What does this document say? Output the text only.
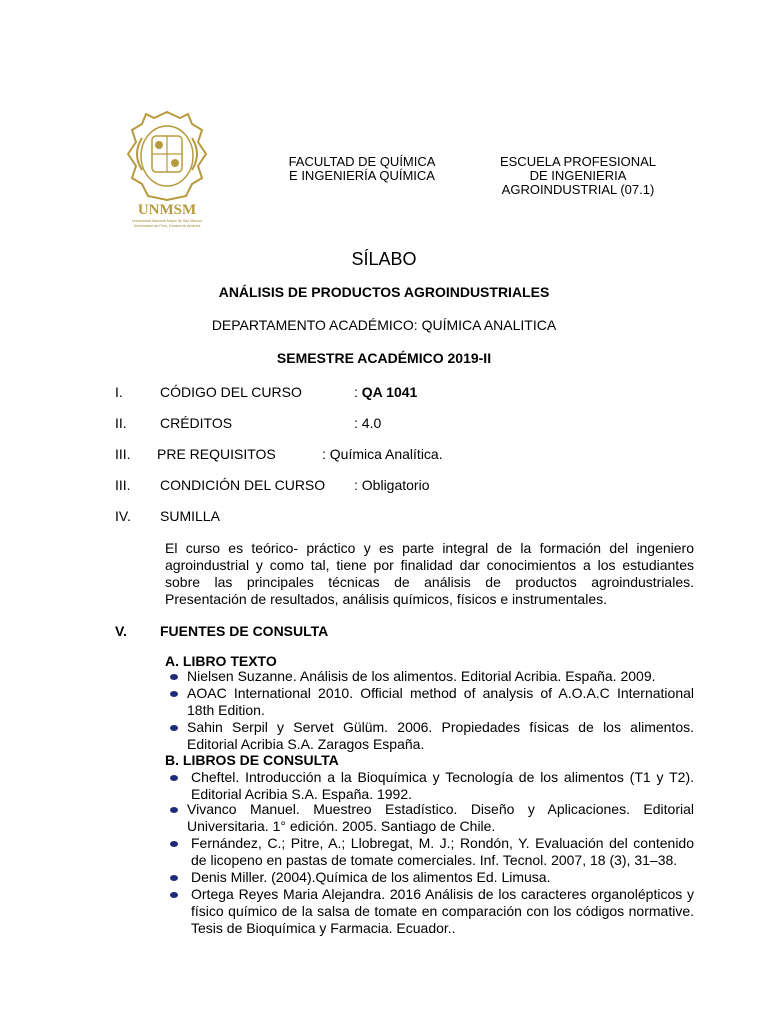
UNMSM
Universidad Nacional Mayor de San Marcos
Universidad del Perú, Decana de América
FACULTAD DE QUÍMICA
E INGENIERÍA QUÍMICA
ESCUELA PROFESIONAL
DE INGENIERIA
AGROINDUSTRIAL (07.1)
SÍLABO
ANÁLISIS DE PRODUCTOS AGROINDUSTRIALES
DEPARTAMENTO ACADÉMICO: QUÍMICA ANALITICA
SEMESTRE ACADÉMICO 2019-II
I.	CÓDIGO DEL CURSO	: QA 1041
II. CRÉDITOS	: 4.0
III. PRE REQUISITOS	: Química Analítica.
III. CONDICIÓN DEL CURSO : Obligatorio
IV. SUMILLA
El curso es teórico- práctico y es parte integral de la formación del ingeniero agroindustrial y como tal, tiene por finalidad dar conocimientos a los estudiantes sobre las principales técnicas de análisis de productos agroindustriales. Presentación de resultados, análisis químicos, físicos e instrumentales.
V. FUENTES DE CONSULTA
A. LIBRO TEXTO
Nielsen Suzanne. Análisis de los alimentos. Editorial Acribia. España. 2009.
AOAC International 2010. Official method of analysis of A.O.A.C International 18th Edition.
Sahin Serpil y Servet Gülüm. 2006. Propiedades físicas de los alimentos. Editorial Acribia S.A. Zaragos España.
B. LIBROS DE CONSULTA
Cheftel. Introducción a la Bioquímica y Tecnología de los alimentos (T1 y T2). Editorial Acribia S.A. España. 1992.
Vivanco Manuel. Muestreo Estadístico. Diseño y Aplicaciones. Editorial Universitaria. 1° edición. 2005. Santiago de Chile.
Fernández, C.; Pitre, A.; Llobregat, M. J.; Rondón, Y. Evaluación del contenido de licopeno en pastas de tomate comerciales. Inf. Tecnol. 2007, 18 (3), 31–38.
Denis Miller. (2004).Química de los alimentos Ed. Limusa.
Ortega Reyes Maria Alejandra. 2016 Análisis de los caracteres organolépticos y físico químico de la salsa de tomate en comparación con los códigos normative. Tesis de Bioquímica y Farmacia. Ecuador..
